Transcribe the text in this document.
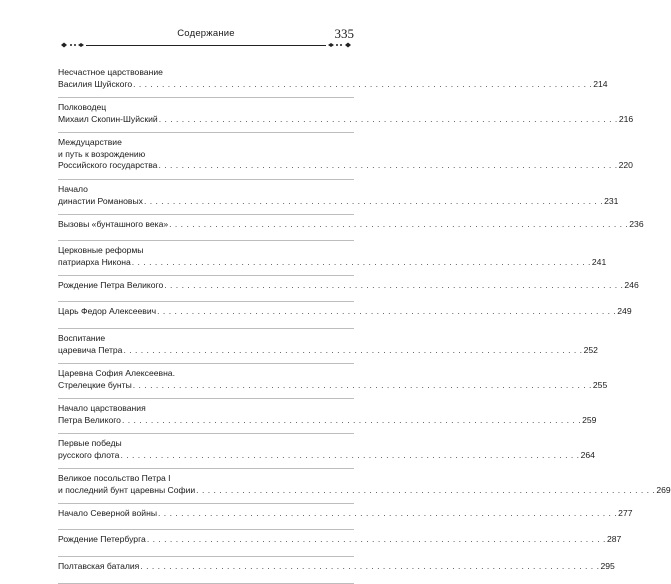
Содержание	335
Несчастное царствование
Василия Шуйского . . . . . . . . . . . . . . . . . . . . . . . . . . . . . . . . . . . . . . . . . . . . . . . . . . . . . . . . . . . . . . . . . . . . . . . . . . . . . . . . 214
Полководец
Михаил Скопин-Шуйский . . . . . . . . . . . . . . . . . . . . . . . . . . . . . . . . . . . . . . . . . . . . . . . . . . . . . . . . . . . . . . . . . . . . . . . . . . . . . . . . 216
Междуцарствие
и путь к возрождению
Российского государства . . . . . . . . . . . . . . . . . . . . . . . . . . . . . . . . . . . . . . . . . . . . . . . . . . . . . . . . . . . . . . . . . . . . . . . . . . . . . . . . 220
Начало
династии Романовых . . . . . . . . . . . . . . . . . . . . . . . . . . . . . . . . . . . . . . . . . . . . . . . . . . . . . . . . . . . . . . . . . . . . . . . . . . . . . . . . 231
Вызовы «бунташного века» . . . . . . . . . . . . . . . . . . . . . . . . . . . . . . . . . . . . . . . . . . . . . . . . . . . . . . . . . . . . . . . . . . . . . . . . . . . . . . . . 236
Церковные реформы
патриарха Никона . . . . . . . . . . . . . . . . . . . . . . . . . . . . . . . . . . . . . . . . . . . . . . . . . . . . . . . . . . . . . . . . . . . . . . . . . . . . . . . . 241
Рождение Петра Великого . . . . . . . . . . . . . . . . . . . . . . . . . . . . . . . . . . . . . . . . . . . . . . . . . . . . . . . . . . . . . . . . . . . . . . . . . . . . . . . . 246
Царь Федор Алексеевич . . . . . . . . . . . . . . . . . . . . . . . . . . . . . . . . . . . . . . . . . . . . . . . . . . . . . . . . . . . . . . . . . . . . . . . . . . . . . . . . 249
Воспитание
царевича Петра . . . . . . . . . . . . . . . . . . . . . . . . . . . . . . . . . . . . . . . . . . . . . . . . . . . . . . . . . . . . . . . . . . . . . . . . . . . . . . . . 252
Царевна София Алексеевна.
Стрелецкие бунты . . . . . . . . . . . . . . . . . . . . . . . . . . . . . . . . . . . . . . . . . . . . . . . . . . . . . . . . . . . . . . . . . . . . . . . . . . . . . . . . 255
Начало царствования
Петра Великого . . . . . . . . . . . . . . . . . . . . . . . . . . . . . . . . . . . . . . . . . . . . . . . . . . . . . . . . . . . . . . . . . . . . . . . . . . . . . . . . 259
Первые победы
русского флота . . . . . . . . . . . . . . . . . . . . . . . . . . . . . . . . . . . . . . . . . . . . . . . . . . . . . . . . . . . . . . . . . . . . . . . . . . . . . . . . 264
Великое посольство Петра I
и последний бунт царевны Софии . . . . . . . . . . . . . . . . . . . . . . . . . . . . . . . . . . . . . . . . . . . . . . . . . . . . . . . . . . . . . . . . . . . . . . . . . . . . . . . . 269
Начало Северной войны . . . . . . . . . . . . . . . . . . . . . . . . . . . . . . . . . . . . . . . . . . . . . . . . . . . . . . . . . . . . . . . . . . . . . . . . . . . . . . . . 277
Рождение Петербурга . . . . . . . . . . . . . . . . . . . . . . . . . . . . . . . . . . . . . . . . . . . . . . . . . . . . . . . . . . . . . . . . . . . . . . . . . . . . . . . . 287
Полтавская баталия . . . . . . . . . . . . . . . . . . . . . . . . . . . . . . . . . . . . . . . . . . . . . . . . . . . . . . . . . . . . . . . . . . . . . . . . . . . . . . . . 295
